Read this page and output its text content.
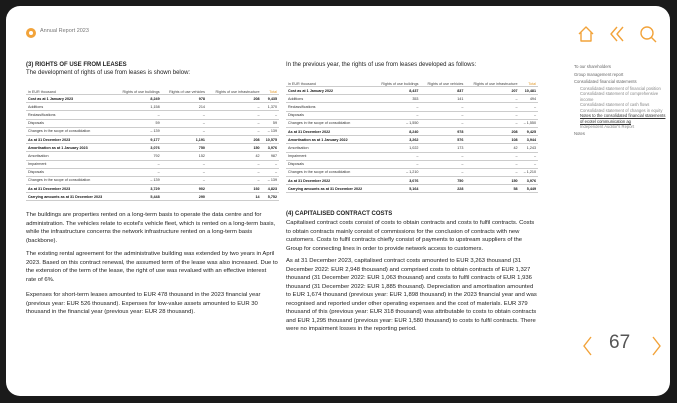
Annual Report 2023
(3) RIGHTS OF USE FROM LEASES
The development of rights of use from leases is shown below:
in EUR thousand	Rights of use buildings	Rights of use vehicles	Rights of use infrastructure	Total
Cost as at 1 January 2023	8,249	978	208	9,435
Additions	1,158	214	–	1,370
Reclassifications	–	–	–	–
Disposals	59	–	–	59
Changes in the scope of consolidation	– 139	–	–	– 139
As at 31 December 2023	9,177	1,191	208	10,575
Amortisation as at 1 January 2023	3,076	750	150	3,976
Amortisation	792	152	42	987
Impairment	–	–	–	–
Disposals	–	–	–	–
Changes in the scope of consolidation	– 139	–	–	– 139
As at 31 December 2023	3,729	902	192	4,823
Carrying amounts as at 31 December 2023	5,448	290	14	5,752
The buildings are properties rented on a long-term basis to operate the data centre and for administration. The vehicles relate to ecotel's vehicle fleet, which is rented on a long-term basis, while the infrastructure concerns the network infrastructure rented on a long-term basis (backbone).
The existing rental agreement for the administrative building was extended by two years in April 2023. Based on this contract renewal, the assumed term of the lease was also increased. Due to the extension of the term of the lease, the right of use was revalued with an effective interest rate of 6%.
Expenses for short-term leases amounted to EUR 478 thousand in the 2023 financial year (previous year: EUR 526 thousand). Expenses for low-value assets amounted to EUR 30 thousand in the financial year (previous year: EUR 28 thousand).
In the previous year, the rights of use from leases developed as follows:
in EUR thousand	Rights of use buildings	Rights of use vehicles	Rights of use infrastructure	Total
Cost as at 1 January 2022	8,437	837	207	10,481
Additions	353	141	–	494
Reclassifications	–	–	–	–
Disposals	–	–	–	–
Changes in the scope of consolidation	– 1,550	–	–	– 1,550
As at 31 December 2022	8,240	978	208	9,425
Amortisation as at 1 January 2022	3,262	576	108	3,944
Amortisation	1,022	173	42	1,243
Impairment	–	–	–	–
Disposals	–	–	–	–
Changes in the scope of consolidation	– 1,210	–	–	– 1,210
As at 31 December 2022	3,076	750	150	3,976
Carrying amounts as at 31 December 2022	5,164	228	58	5,449
(4) CAPITALISED CONTRACT COSTS
Capitalised contract costs consist of costs to obtain contracts and costs to fulfil contracts. Costs to obtain contracts mainly consist of commissions for the conclusion of contracts with new customers. Costs to fulfil contracts chiefly consist of payments to upstream suppliers of the Group for connecting lines in order to provide network access to customers.
As at 31 December 2023, capitalised contract costs amounted to EUR 3,263 thousand (31 December 2022: EUR 2,948 thousand) and comprised costs to obtain contracts of EUR 1,327 thousand (31 December 2022: EUR 1,063 thousand) and costs to fulfil contracts of EUR 1,936 thousand (31 December 2022: EUR 1,885 thousand). Depreciation and amortisation amounted to EUR 1,674 thousand (previous year: EUR 1,898 thousand) in the 2023 financial year and was recognised and reported under other operating expenses and the cost of materials. EUR 379 thousand of this (previous year: EUR 318 thousand) was attributable to costs to obtain contracts and EUR 1,295 thousand (previous year: EUR 1,580 thousand) to costs to fulfil contracts. There were no impairment losses in the reporting period.
To our shareholders
Group management report
Consolidated financial statements
Consolidated statement of financial position
Consolidated statement of comprehensive income
Consolidated statement of cash flows
Consolidated statement of changes in equity
Notes to the consolidated financial statements of ecotel communication ag
Independent Auditor's Report
Notes
67
